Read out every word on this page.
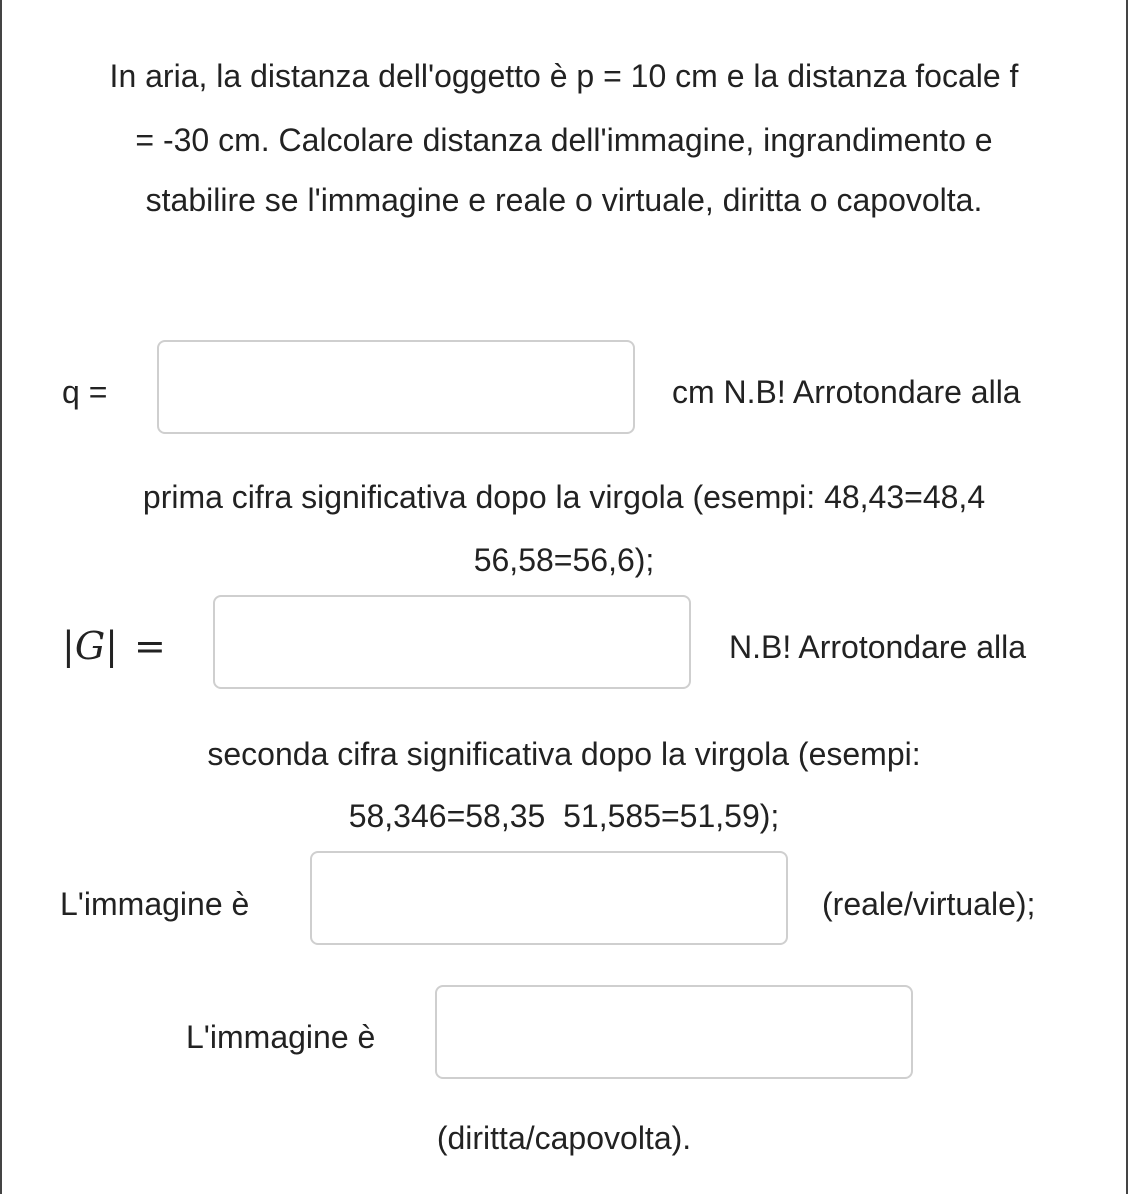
In aria, la distanza dell'oggetto è p = 10 cm e la distanza focale f
= -30 cm. Calcolare distanza dell'immagine, ingrandimento e
stabilire se l'immagine e reale o virtuale, diritta o capovolta.
q =	cm N.B! Arrotondare alla
prima cifra significativa dopo la virgola (esempi: 48,43=48,4
56,58=56,6);
|G| =	N.B! Arrotondare alla
seconda cifra significativa dopo la virgola (esempi:
58,346=58,35  51,585=51,59);
L'immagine è	(reale/virtuale);
L'immagine è
(diritta/capovolta).
